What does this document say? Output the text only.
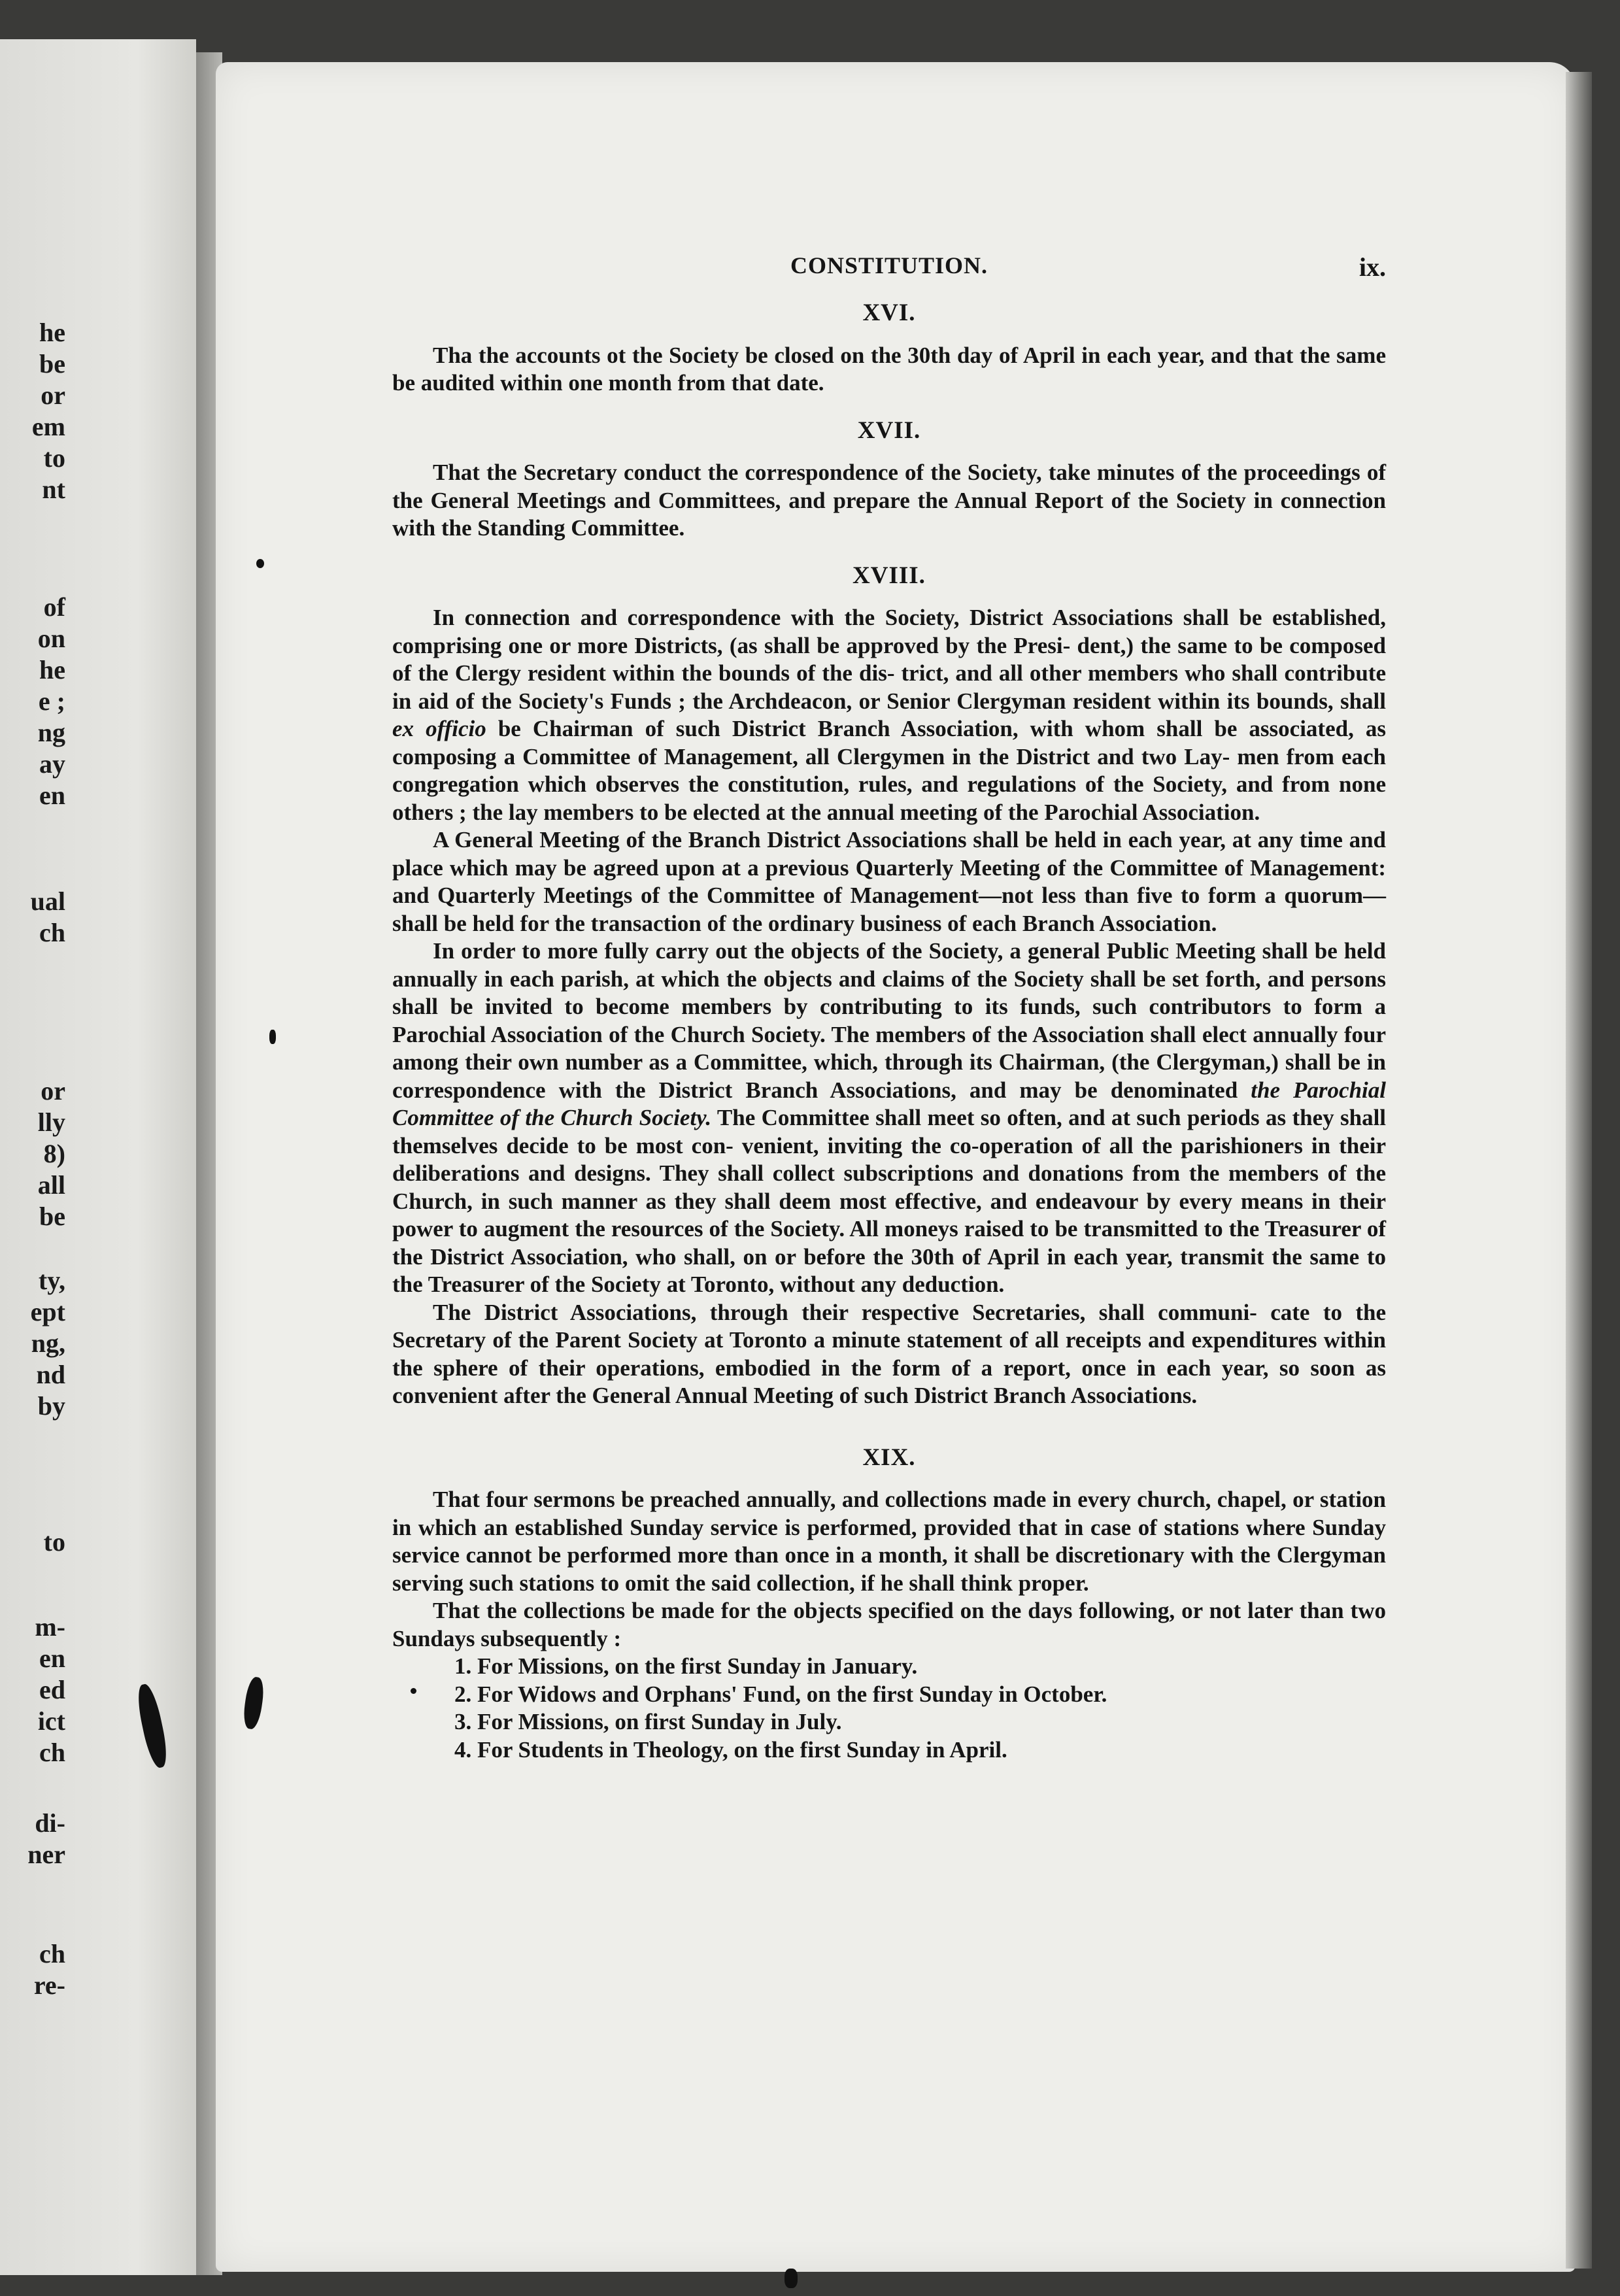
he
be
or
em
to
nt
of
on
he
e ;
ng
ay
en
ual
ch
or
lly
8)
all
be
ty,
ept
ng,
nd
by
to
m-
en
ed
ict
ch
di-
ner
ch
re-
CONSTITUTION.	ix.
XVI.

Tha the accounts ot the Society be closed on the 30th day of April in each year, and that the same be audited within one month from that date.

XVII.

That the Secretary conduct the correspondence of the Society, take minutes of the proceedings of the General Meetings and Committees, and prepare the Annual Report of the Society in connection with the Standing Committee.

XVIII.

In connection and correspondence with the Society, District Associations shall be established, comprising one or more Districts, (as shall be approved by the Presi- dent,) the same to be composed of the Clergy resident within the bounds of the dis- trict, and all other members who shall contribute in aid of the Society's Funds ; the Archdeacon, or Senior Clergyman resident within its bounds, shall ex officio be Chairman of such District Branch Association, with whom shall be associated, as composing a Committee of Management, all Clergymen in the District and two Lay- men from each congregation which observes the constitution, rules, and regulations of the Society, and from none others ; the lay members to be elected at the annual meeting of the Parochial Association.

A General Meeting of the Branch District Associations shall be held in each year, at any time and place which may be agreed upon at a previous Quarterly Meeting of the Committee of Management: and Quarterly Meetings of the Committee of Management—not less than five to form a quorum—shall be held for the transaction of the ordinary business of each Branch Association.

In order to more fully carry out the objects of the Society, a general Public Meeting shall be held annually in each parish, at which the objects and claims of the Society shall be set forth, and persons shall be invited to become members by contributing to its funds, such contributors to form a Parochial Association of the Church Society. The members of the Association shall elect annually four among their own number as a Committee, which, through its Chairman, (the Clergyman,) shall be in correspondence with the District Branch Associations, and may be denominated the Parochial Committee of the Church Society. The Committee shall meet so often, and at such periods as they shall themselves decide to be most con- venient, inviting the co-operation of all the parishioners in their deliberations and designs. They shall collect subscriptions and donations from the members of the Church, in such manner as they shall deem most effective, and endeavour by every means in their power to augment the resources of the Society. All moneys raised to be transmitted to the Treasurer of the District Association, who shall, on or before the 30th of April in each year, transmit the same to the Treasurer of the Society at Toronto, without any deduction.

The District Associations, through their respective Secretaries, shall communi- cate to the Secretary of the Parent Society at Toronto a minute statement of all receipts and expenditures within the sphere of their operations, embodied in the form of a report, once in each year, so soon as convenient after the General Annual Meeting of such District Branch Associations.

XIX.

That four sermons be preached annually, and collections made in every church, chapel, or station in which an established Sunday service is performed, provided that in case of stations where Sunday service cannot be performed more than once in a month, it shall be discretionary with the Clergyman serving such stations to omit the said collection, if he shall think proper.

That the collections be made for the objects specified on the days following, or not later than two Sundays subsequently :

1. For Missions, on the first Sunday in January.
2. For Widows and Orphans' Fund, on the first Sunday in October.
3. For Missions, on first Sunday in July.
4. For Students in Theology, on the first Sunday in April.
